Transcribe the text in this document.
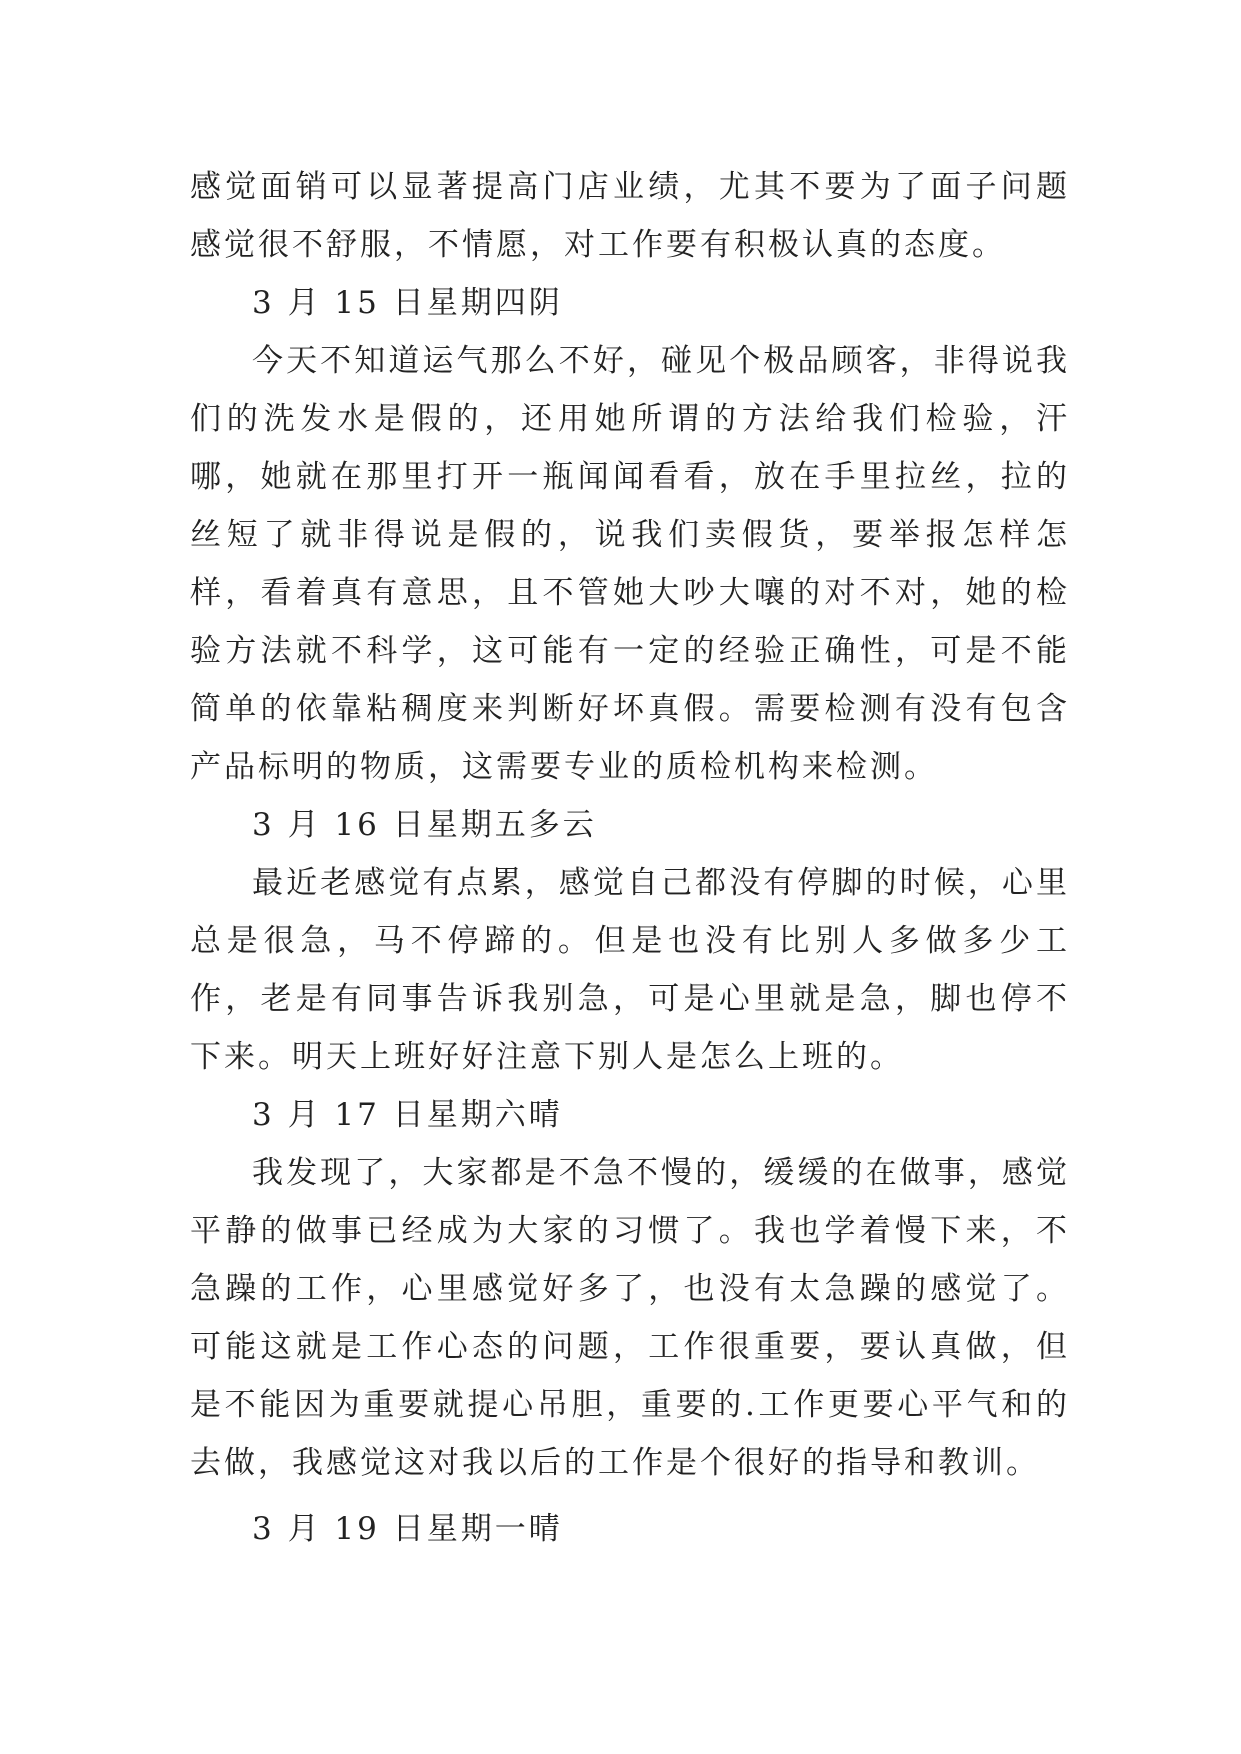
感觉面销可以显著提高门店业绩，尤其不要为了面子问题感觉很不舒服，不情愿，对工作要有积极认真的态度。

3 月 15 日星期四阴

今天不知道运气那么不好，碰见个极品顾客，非得说我们的洗发水是假的，还用她所谓的方法给我们检验，汗哪，她就在那里打开一瓶闻闻看看，放在手里拉丝，拉的丝短了就非得说是假的，说我们卖假货，要举报怎样怎样，看着真有意思，且不管她大吵大嚷的对不对，她的检验方法就不科学，这可能有一定的经验正确性，可是不能简单的依靠粘稠度来判断好坏真假。需要检测有没有包含产品标明的物质，这需要专业的质检机构来检测。

3 月 16 日星期五多云

最近老感觉有点累，感觉自己都没有停脚的时候，心里总是很急，马不停蹄的。但是也没有比别人多做多少工作，老是有同事告诉我别急，可是心里就是急，脚也停不下来。明天上班好好注意下别人是怎么上班的。

3 月 17 日星期六晴

我发现了，大家都是不急不慢的，缓缓的在做事，感觉平静的做事已经成为大家的习惯了。我也学着慢下来，不急躁的工作，心里感觉好多了，也没有太急躁的感觉了。可能这就是工作心态的问题，工作很重要，要认真做，但是不能因为重要就提心吊胆，重要的.工作更要心平气和的去做，我感觉这对我以后的工作是个很好的指导和教训。

3 月 19 日星期一晴
